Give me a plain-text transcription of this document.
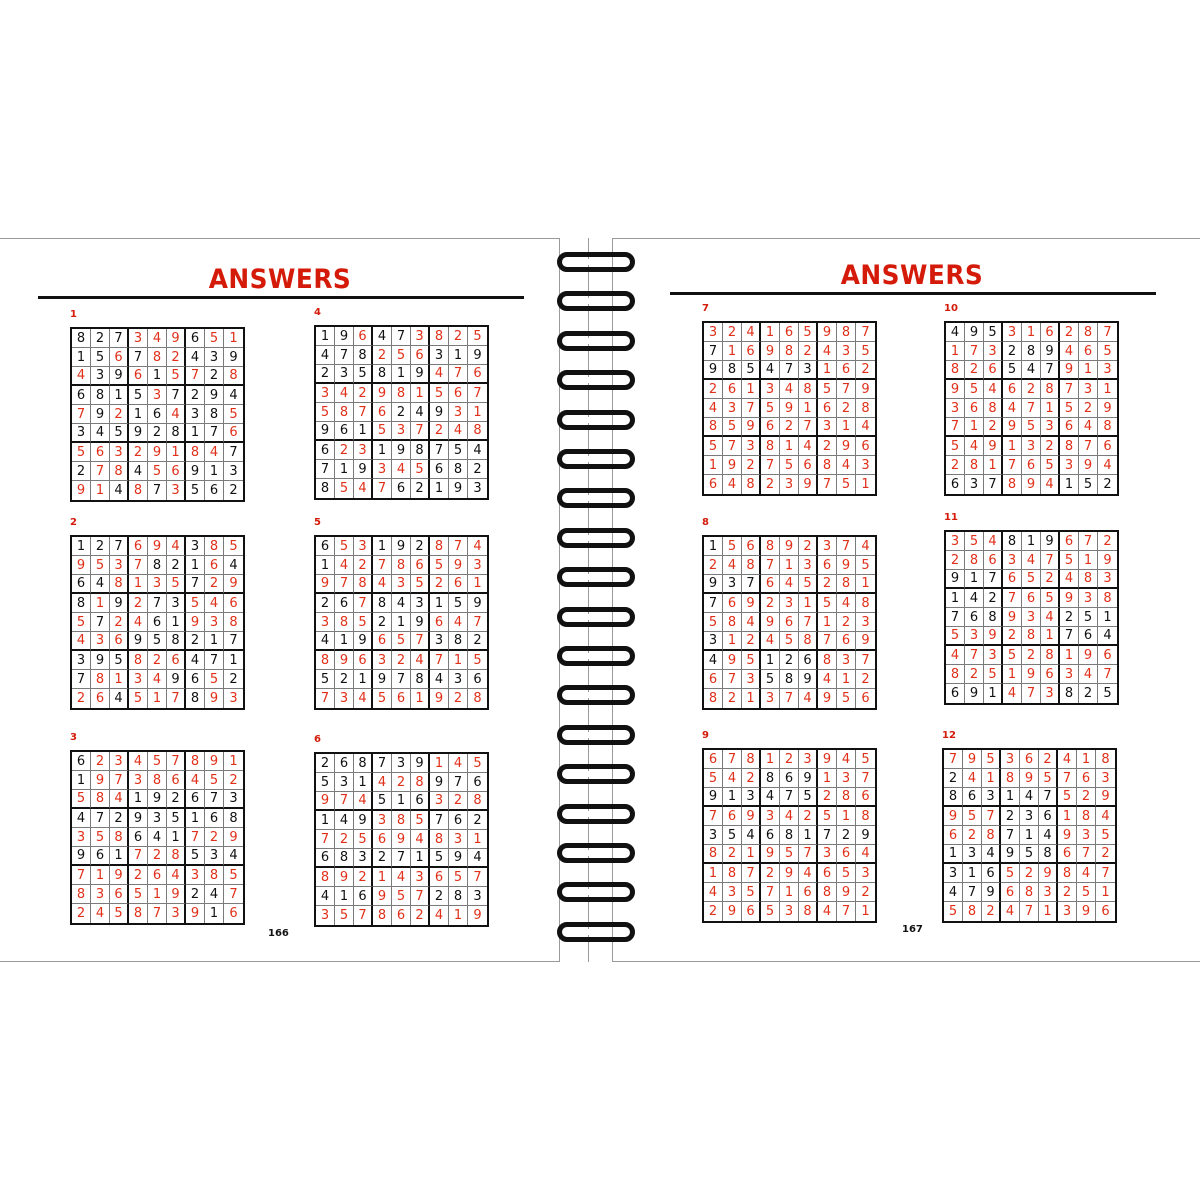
ANSWERS	ANSWERS
1
8 2 7 3 4 9 6 5 1
1 5 6 7 8 2 4 3 9
4 3 9 6 1 5 7 2 8
6 8 1 5 3 7 2 9 4
7 9 2 1 6 4 3 8 5
3 4 5 9 2 8 1 7 6
5 6 3 2 9 1 8 4 7
2 7 8 4 5 6 9 1 3
9 1 4 8 7 3 5 6 2
2
1 2 7 6 9 4 3 8 5
9 5 3 7 8 2 1 6 4
6 4 8 1 3 5 7 2 9
8 1 9 2 7 3 5 4 6
5 7 2 4 6 1 9 3 8
4 3 6 9 5 8 2 1 7
3 9 5 8 2 6 4 7 1
7 8 1 3 4 9 6 5 2
2 6 4 5 1 7 8 9 3
3
6 2 3 4 5 7 8 9 1
1 9 7 3 8 6 4 5 2
5 8 4 1 9 2 6 7 3
4 7 2 9 3 5 1 6 8
3 5 8 6 4 1 7 2 9
9 6 1 7 2 8 5 3 4
7 1 9 2 6 4 3 8 5
8 3 6 5 1 9 2 4 7
2 4 5 8 7 3 9 1 6
4
1 9 6 4 7 3 8 2 5
4 7 8 2 5 6 3 1 9
2 3 5 8 1 9 4 7 6
3 4 2 9 8 1 5 6 7
5 8 7 6 2 4 9 3 1
9 6 1 5 3 7 2 4 8
6 2 3 1 9 8 7 5 4
7 1 9 3 4 5 6 8 2
8 5 4 7 6 2 1 9 3
5
6 5 3 1 9 2 8 7 4
1 4 2 7 8 6 5 9 3
9 7 8 4 3 5 2 6 1
2 6 7 8 4 3 1 5 9
3 8 5 2 1 9 6 4 7
4 1 9 6 5 7 3 8 2
8 9 6 3 2 4 7 1 5
5 2 1 9 7 8 4 3 6
7 3 4 5 6 1 9 2 8
6
2 6 8 7 3 9 1 4 5
5 3 1 4 2 8 9 7 6
9 7 4 5 1 6 3 2 8
1 4 9 3 8 5 7 6 2
7 2 5 6 9 4 8 3 1
6 8 3 2 7 1 5 9 4
8 9 2 1 4 3 6 5 7
4 1 6 9 5 7 2 8 3
3 5 7 8 6 2 4 1 9
7
3 2 4 1 6 5 9 8 7
7 1 6 9 8 2 4 3 5
9 8 5 4 7 3 1 6 2
2 6 1 3 4 8 5 7 9
4 3 7 5 9 1 6 2 8
8 5 9 6 2 7 3 1 4
5 7 3 8 1 4 2 9 6
1 9 2 7 5 6 8 4 3
6 4 8 2 3 9 7 5 1
8
1 5 6 8 9 2 3 7 4
2 4 8 7 1 3 6 9 5
9 3 7 6 4 5 2 8 1
7 6 9 2 3 1 5 4 8
5 8 4 9 6 7 1 2 3
3 1 2 4 5 8 7 6 9
4 9 5 1 2 6 8 3 7
6 7 3 5 8 9 4 1 2
8 2 1 3 7 4 9 5 6
9
6 7 8 1 2 3 9 4 5
5 4 2 8 6 9 1 3 7
9 1 3 4 7 5 2 8 6
7 6 9 3 4 2 5 1 8
3 5 4 6 8 1 7 2 9
8 2 1 9 5 7 3 6 4
1 8 7 2 9 4 6 5 3
4 3 5 7 1 6 8 9 2
2 9 6 5 3 8 4 7 1
10
4 9 5 3 1 6 2 8 7
1 7 3 2 8 9 4 6 5
8 2 6 5 4 7 9 1 3
9 5 4 6 2 8 7 3 1
3 6 8 4 7 1 5 2 9
7 1 2 9 5 3 6 4 8
5 4 9 1 3 2 8 7 6
2 8 1 7 6 5 3 9 4
6 3 7 8 9 4 1 5 2
11
3 5 4 8 1 9 6 7 2
2 8 6 3 4 7 5 1 9
9 1 7 6 5 2 4 8 3
1 4 2 7 6 5 9 3 8
7 6 8 9 3 4 2 5 1
5 3 9 2 8 1 7 6 4
4 7 3 5 2 8 1 9 6
8 2 5 1 9 6 3 4 7
6 9 1 4 7 3 8 2 5
12
7 9 5 3 6 2 4 1 8
2 4 1 8 9 5 7 6 3
8 6 3 1 4 7 5 2 9
9 5 7 2 3 6 1 8 4
6 2 8 7 1 4 9 3 5
1 3 4 9 5 8 6 7 2
3 1 6 5 2 9 8 4 7
4 7 9 6 8 3 2 5 1
5 8 2 4 7 1 3 9 6
166	167
